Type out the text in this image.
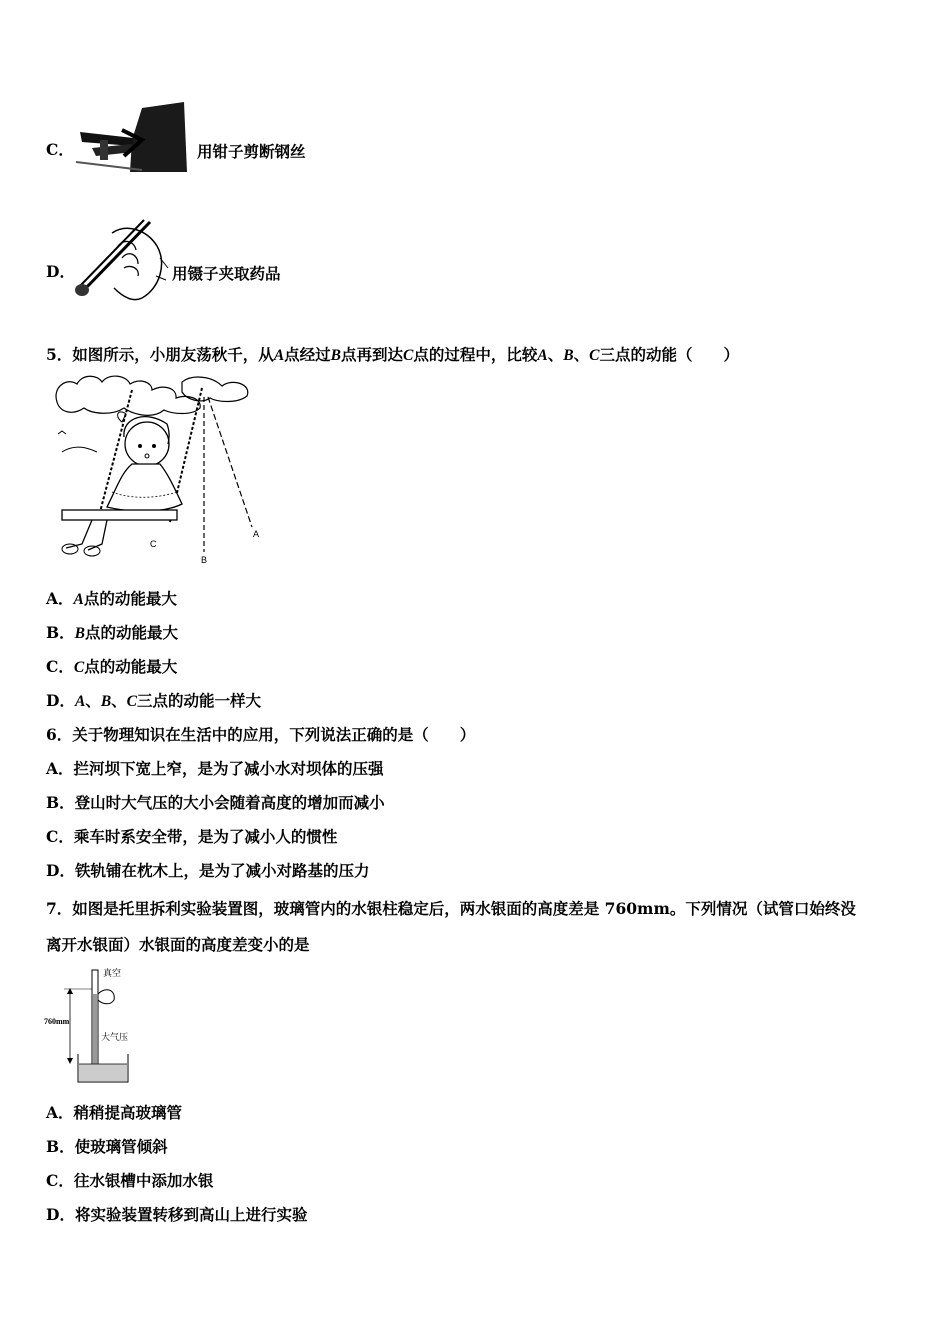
C．	用钳子剪断钢丝
D．	用镊子夹取药品
5．如图所示，小朋友荡秋千，从A点经过B点再到达C点的过程中，比较A、B、C三点的动能（　　）
C
B
A
A．A点的动能最大
B．B点的动能最大
C．C点的动能最大
D．A、B、C三点的动能一样大
6．关于物理知识在生活中的应用，下列说法正确的是（　　）
A．拦河坝下宽上窄，是为了减小水对坝体的压强
B．登山时大气压的大小会随着高度的增加而减小
C．乘车时系安全带，是为了减小人的惯性
D．铁轨铺在枕木上，是为了减小对路基的压力
7．如图是托里拆利实验装置图，玻璃管内的水银柱稳定后，两水银面的高度差是 760mm。下列情况（试管口始终没
离开水银面）水银面的高度差变小的是
真空
760mm
大气压
A．稍稍提高玻璃管
B．使玻璃管倾斜
C．往水银槽中添加水银
D．将实验装置转移到高山上进行实验
